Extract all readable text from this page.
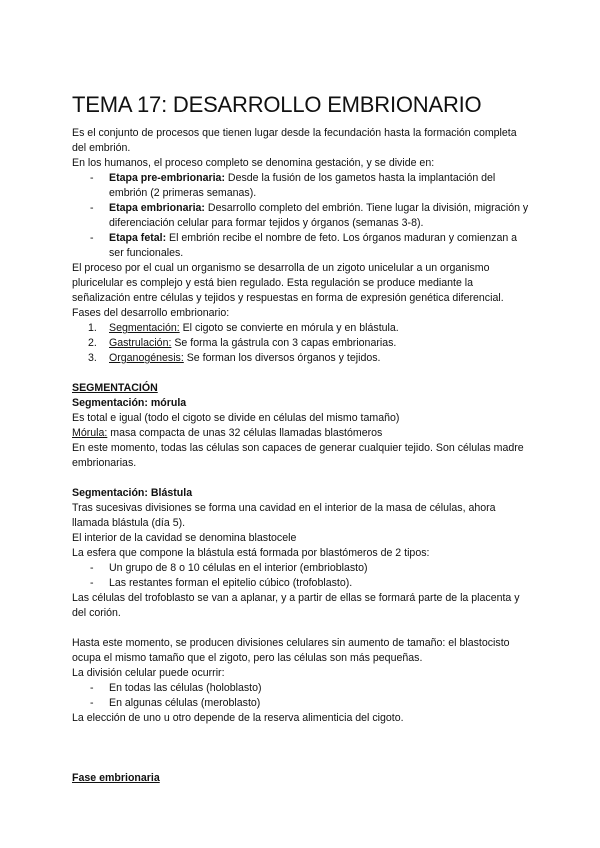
TEMA 17: DESARROLLO EMBRIONARIO

Es el conjunto de procesos que tienen lugar desde la fecundación hasta la formación completa del embrión.

En los humanos, el proceso completo se denomina gestación, y se divide en:

- Etapa pre-embrionaria: Desde la fusión de los gametos hasta la implantación del embrión (2 primeras semanas).
- Etapa embrionaria: Desarrollo completo del embrión. Tiene lugar la división, migración y diferenciación celular para formar tejidos y órganos (semanas 3-8).
- Etapa fetal: El embrión recibe el nombre de feto. Los órganos maduran y comienzan a ser funcionales.

El proceso por el cual un organismo se desarrolla de un zigoto unicelular a un organismo pluricelular es complejo y está bien regulado. Esta regulación se produce mediante la señalización entre células y tejidos y respuestas en forma de expresión genética diferencial.

Fases del desarrollo embrionario:

1. Segmentación: El cigoto se convierte en mórula y en blástula.
2. Gastrulación: Se forma la gástrula con 3 capas embrionarias.
3. Organogénesis: Se forman los diversos órganos y tejidos.

SEGMENTACIÓN

Segmentación: mórula

Es total e igual (todo el cigoto se divide en células del mismo tamaño)

Mórula: masa compacta de unas 32 células llamadas blastómeros

En este momento, todas las células son capaces de generar cualquier tejido. Son células madre embrionarias.

Segmentación: Blástula

Tras sucesivas divisiones se forma una cavidad en el interior de la masa de células, ahora llamada blástula (día 5).

El interior de la cavidad se denomina blastocele

La esfera que compone la blástula está formada por blastómeros de 2 tipos:

- Un grupo de 8 o 10 células en el interior (embrioblasto)
- Las restantes forman el epitelio cúbico (trofoblasto).

Las células del trofoblasto se van a aplanar, y a partir de ellas se formará parte de la placenta y del corión.

Hasta este momento, se producen divisiones celulares sin aumento de tamaño: el blastocisto ocupa el mismo tamaño que el zigoto, pero las células son más pequeñas.

La división celular puede ocurrir:

- En todas las células (holoblasto)
- En algunas células (meroblasto)

La elección de uno u otro depende de la reserva alimenticia del cigoto.

Fase embrionaria
